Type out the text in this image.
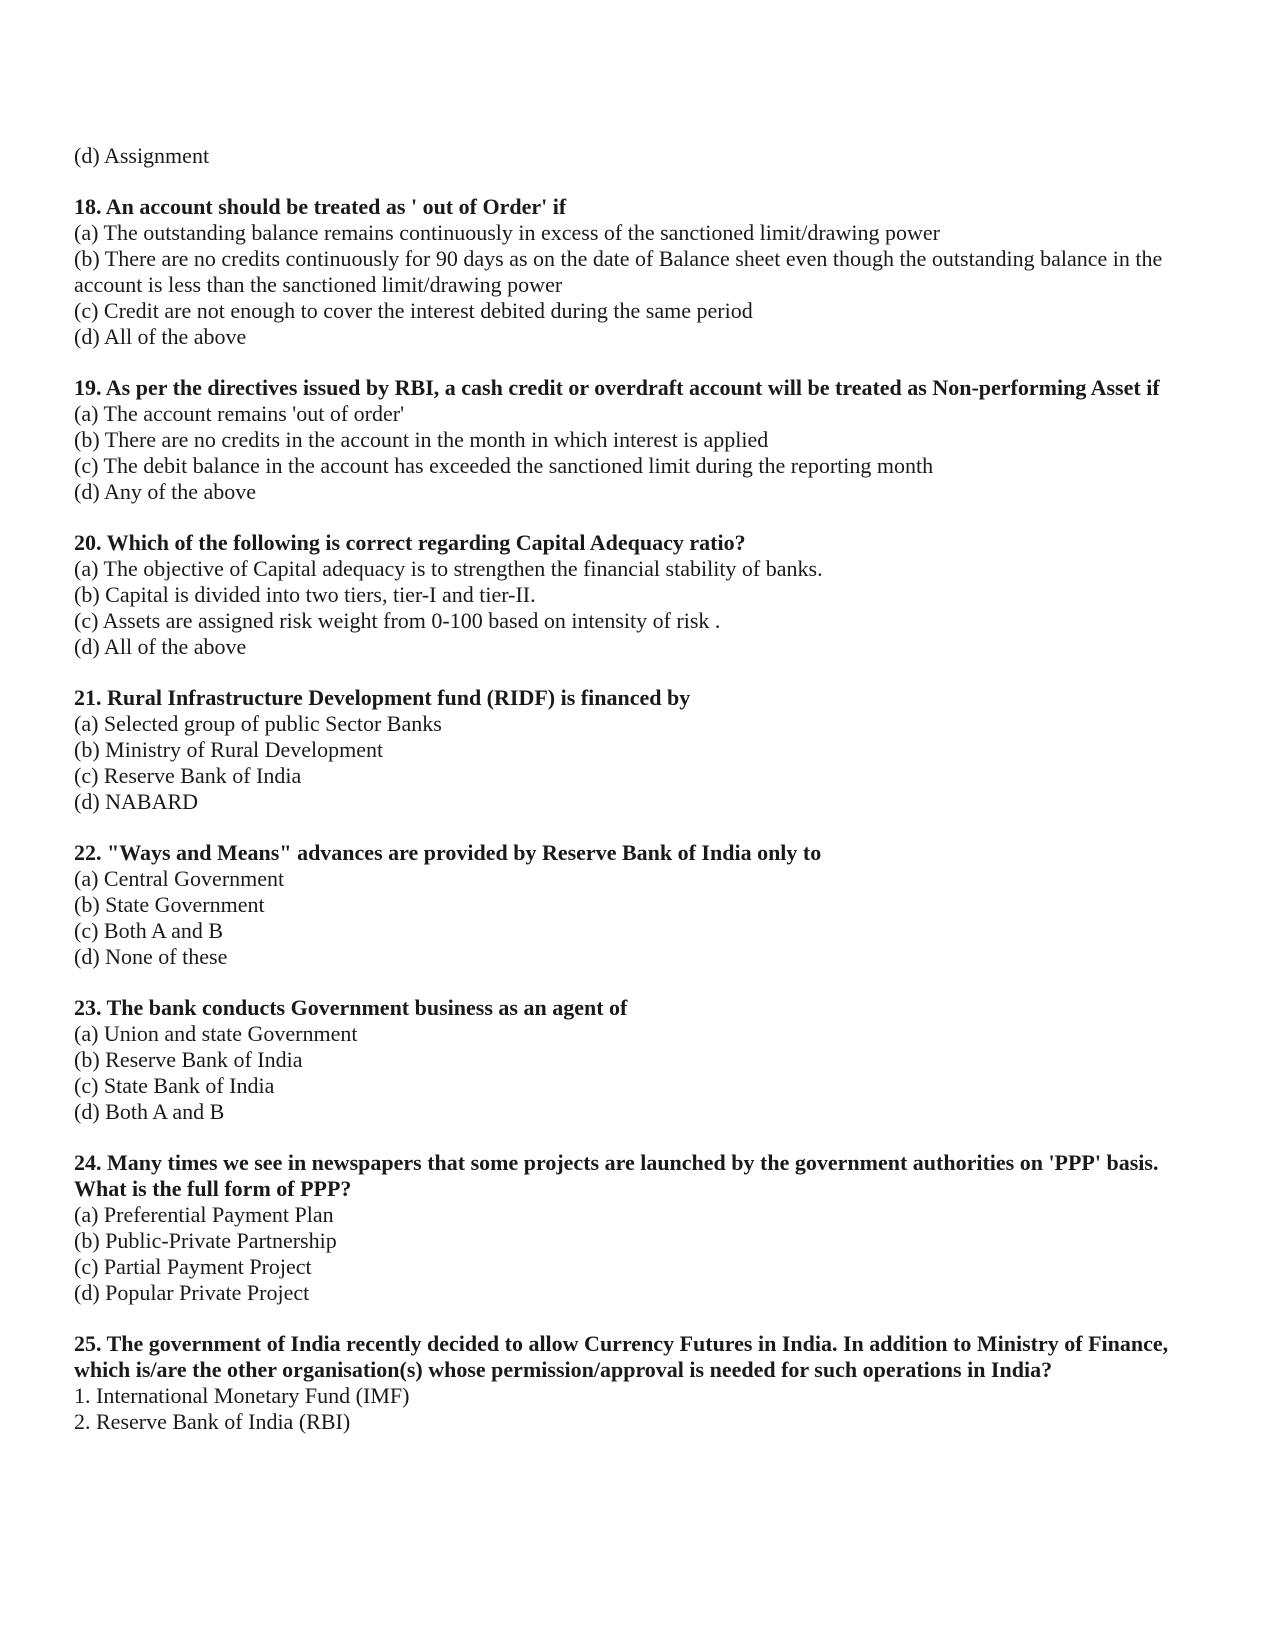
(d) Assignment
18. An account should be treated as ' out of Order' if
(a) The outstanding balance remains continuously in excess of the sanctioned limit/drawing power
(b) There are no credits continuously for 90 days as on the date of Balance sheet even though the outstanding balance in the account is less than the sanctioned limit/drawing power
(c) Credit are not enough to cover the interest debited during the same period
(d) All of the above
19. As per the directives issued by RBI, a cash credit or overdraft account will be treated as Non-performing Asset if
(a) The account remains 'out of order'
(b) There are no credits in the account in the month in which interest is applied
(c) The debit balance in the account has exceeded the sanctioned limit during the reporting month
(d) Any of the above
20. Which of the following is correct regarding Capital Adequacy ratio?
(a) The objective of Capital adequacy is to strengthen the financial stability of banks.
(b) Capital is divided into two tiers, tier-I and tier-II.
(c) Assets are assigned risk weight from 0-100 based on intensity of risk .
(d) All of the above
21. Rural Infrastructure Development fund (RIDF) is financed by
(a) Selected group of public Sector Banks
(b) Ministry of Rural Development
(c) Reserve Bank of India
(d) NABARD
22. "Ways and Means" advances are provided by Reserve Bank of India only to
(a) Central Government
(b) State Government
(c) Both A and B
(d) None of these
23. The bank conducts Government business as an agent of
(a) Union and state Government
(b) Reserve Bank of India
(c) State Bank of India
(d) Both A and B
24. Many times we see in newspapers that some projects are launched by the government authorities on 'PPP' basis. What is the full form of PPP?
(a) Preferential Payment Plan
(b) Public-Private Partnership
(c) Partial Payment Project
(d) Popular Private Project
25. The government of India recently decided to allow Currency Futures in India. In addition to Ministry of Finance, which is/are the other organisation(s) whose permission/approval is needed for such operations in India?
1. International Monetary Fund (IMF)
2. Reserve Bank of India (RBI)
